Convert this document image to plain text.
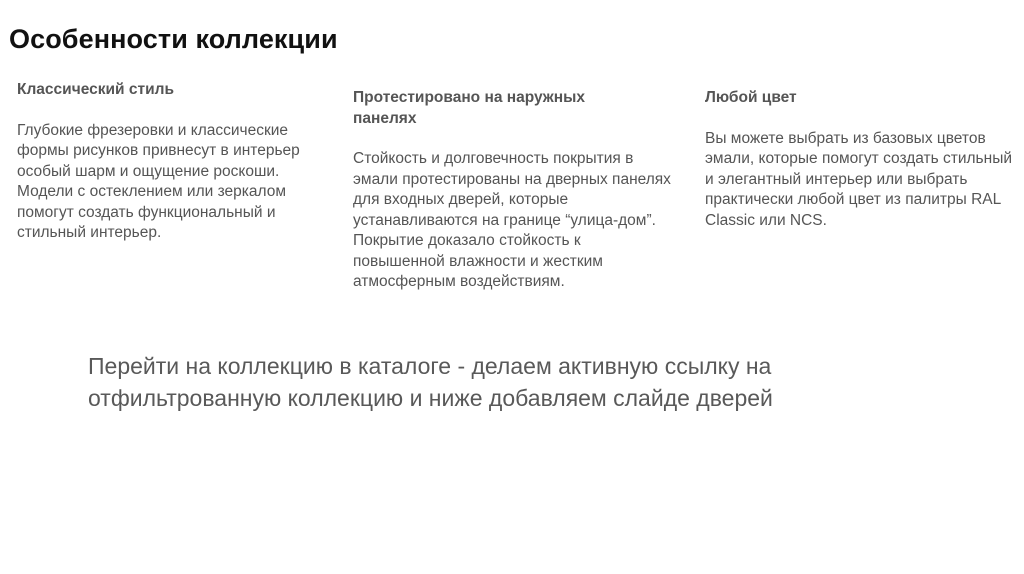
Особенности коллекции
Классический стиль

Глубокие фрезеровки и классические формы рисунков привнесут в интерьер особый шарм и ощущение роскоши. Модели с остеклением или зеркалом помогут создать функциональный и стильный интерьер.

Протестировано на наружных панелях

Стойкость и долговечность покрытия в эмали протестированы на дверных панелях для входных дверей, которые устанавливаются на границе “улица-дом”. Покрытие доказало стойкость к повышенной влажности и жестким атмосферным воздействиям.

Любой цвет

Вы можете выбрать из базовых цветов эмали, которые помогут создать стильный и элегантный интерьер или выбрать практически любой цвет из палитры RAL Classic или NCS.

Перейти на коллекцию в каталоге - делаем активную ссылку на отфильтрованную коллекцию и ниже добавляем слайде дверей
